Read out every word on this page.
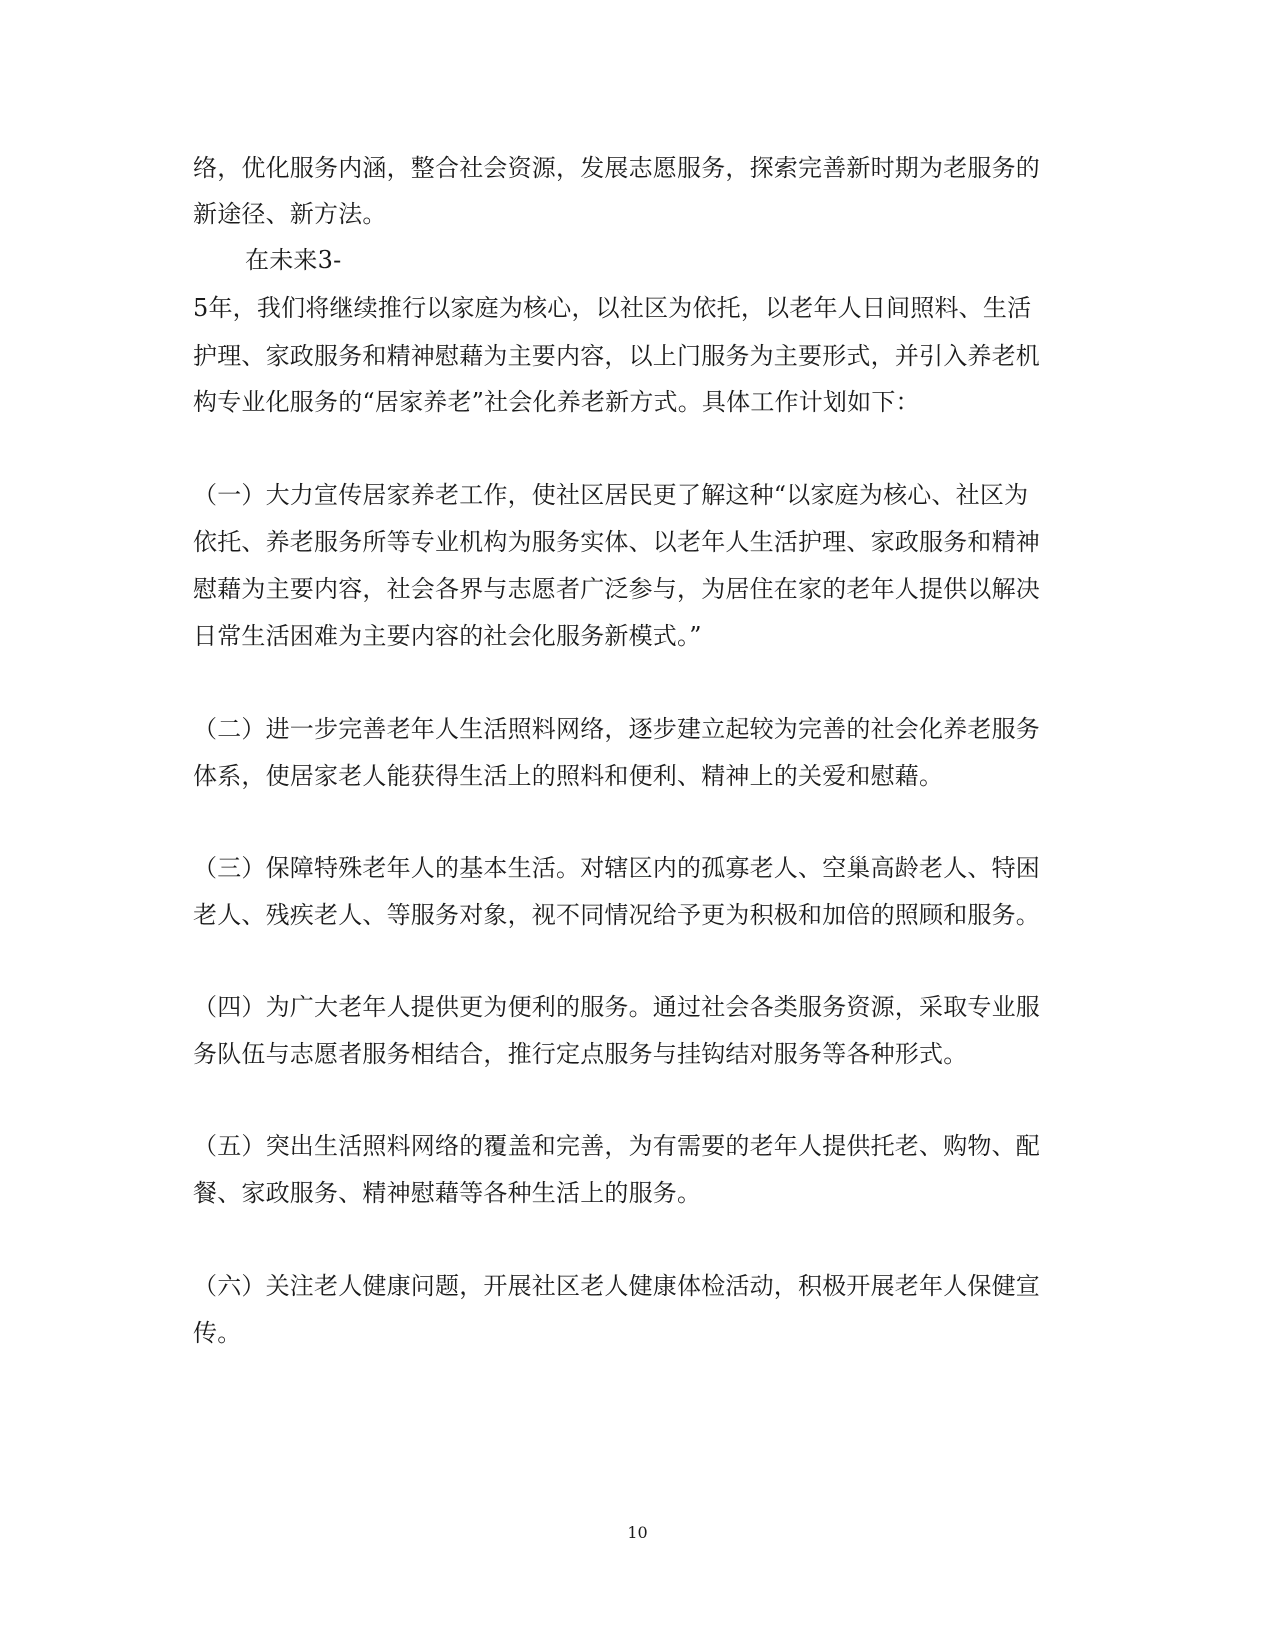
络，优化服务内涵，整合社会资源，发展志愿服务，探索完善新时期为老服务的
新途径、新方法。
在未来3-
5年，我们将继续推行以家庭为核心，以社区为依托，以老年人日间照料、生活
护理、家政服务和精神慰藉为主要内容，以上门服务为主要形式，并引入养老机
构专业化服务的“居家养老”社会化养老新方式。具体工作计划如下：
（一）大力宣传居家养老工作，使社区居民更了解这种“以家庭为核心、社区为
依托、养老服务所等专业机构为服务实体、以老年人生活护理、家政服务和精神
慰藉为主要内容，社会各界与志愿者广泛参与，为居住在家的老年人提供以解决
日常生活困难为主要内容的社会化服务新模式。”
（二）进一步完善老年人生活照料网络，逐步建立起较为完善的社会化养老服务
体系，使居家老人能获得生活上的照料和便利、精神上的关爱和慰藉。
（三）保障特殊老年人的基本生活。对辖区内的孤寡老人、空巢高龄老人、特困
老人、残疾老人、等服务对象，视不同情况给予更为积极和加倍的照顾和服务。
（四）为广大老年人提供更为便利的服务。通过社会各类服务资源，采取专业服
务队伍与志愿者服务相结合，推行定点服务与挂钩结对服务等各种形式。
（五）突出生活照料网络的覆盖和完善，为有需要的老年人提供托老、购物、配
餐、家政服务、精神慰藉等各种生活上的服务。
（六）关注老人健康问题，开展社区老人健康体检活动，积极开展老年人保健宣
传。
10
